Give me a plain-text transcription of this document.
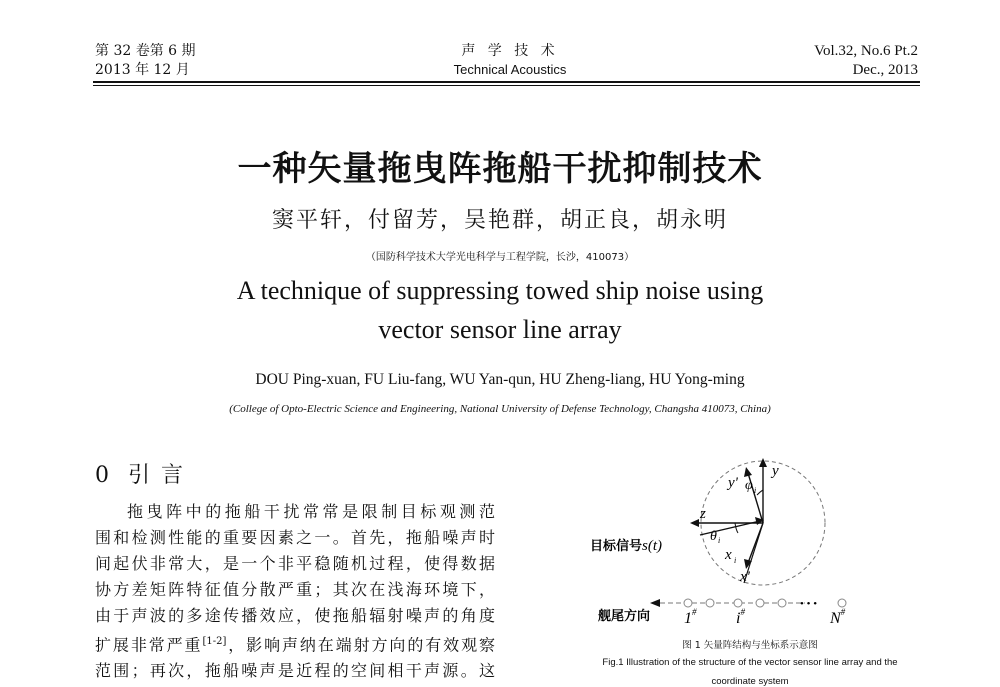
第 32 卷第 6 期
2013 年 12 月
声 学 技 术
Technical Acoustics
Vol.32, No.6 Pt.2
Dec., 2013
一种矢量拖曳阵拖船干扰抑制技术
窦平轩，付留芳，吴艳群，胡正良，胡永明
（国防科学技术大学光电科学与工程学院，长沙，410073）
A technique of suppressing towed ship noise using
vector sensor line array
DOU Ping-xuan, FU Liu-fang, WU Yan-qun, HU Zheng-liang, HU Yong-ming
(College of Opto-Electric Science and Engineering, National University of Defense Technology, Changsha 410073, China)
0 引 言
拖曳阵中的拖船干扰常常是限制目标观测范
围和检测性能的重要因素之一。首先，拖船噪声时
间起伏非常大，是一个非平稳随机过程，使得数据
协方差矩阵特征值分散严重；其次在浅海环境下，
由于声波的多途传播效应，使拖船辐射噪声的角度
扩展非常严重[1-2]，影响声纳在端射方向的有效观察
范围；再次，拖船噪声是近程的空间相干声源。这
y'
y
φ i
z
θ i
x i
x'
目标信号s(t)
• • •
舰尾方向 1# i#	N#
图 1 矢量阵结构与坐标系示意图
Fig.1 Illustration of the structure of the vector sensor line array and the
coordinate system
